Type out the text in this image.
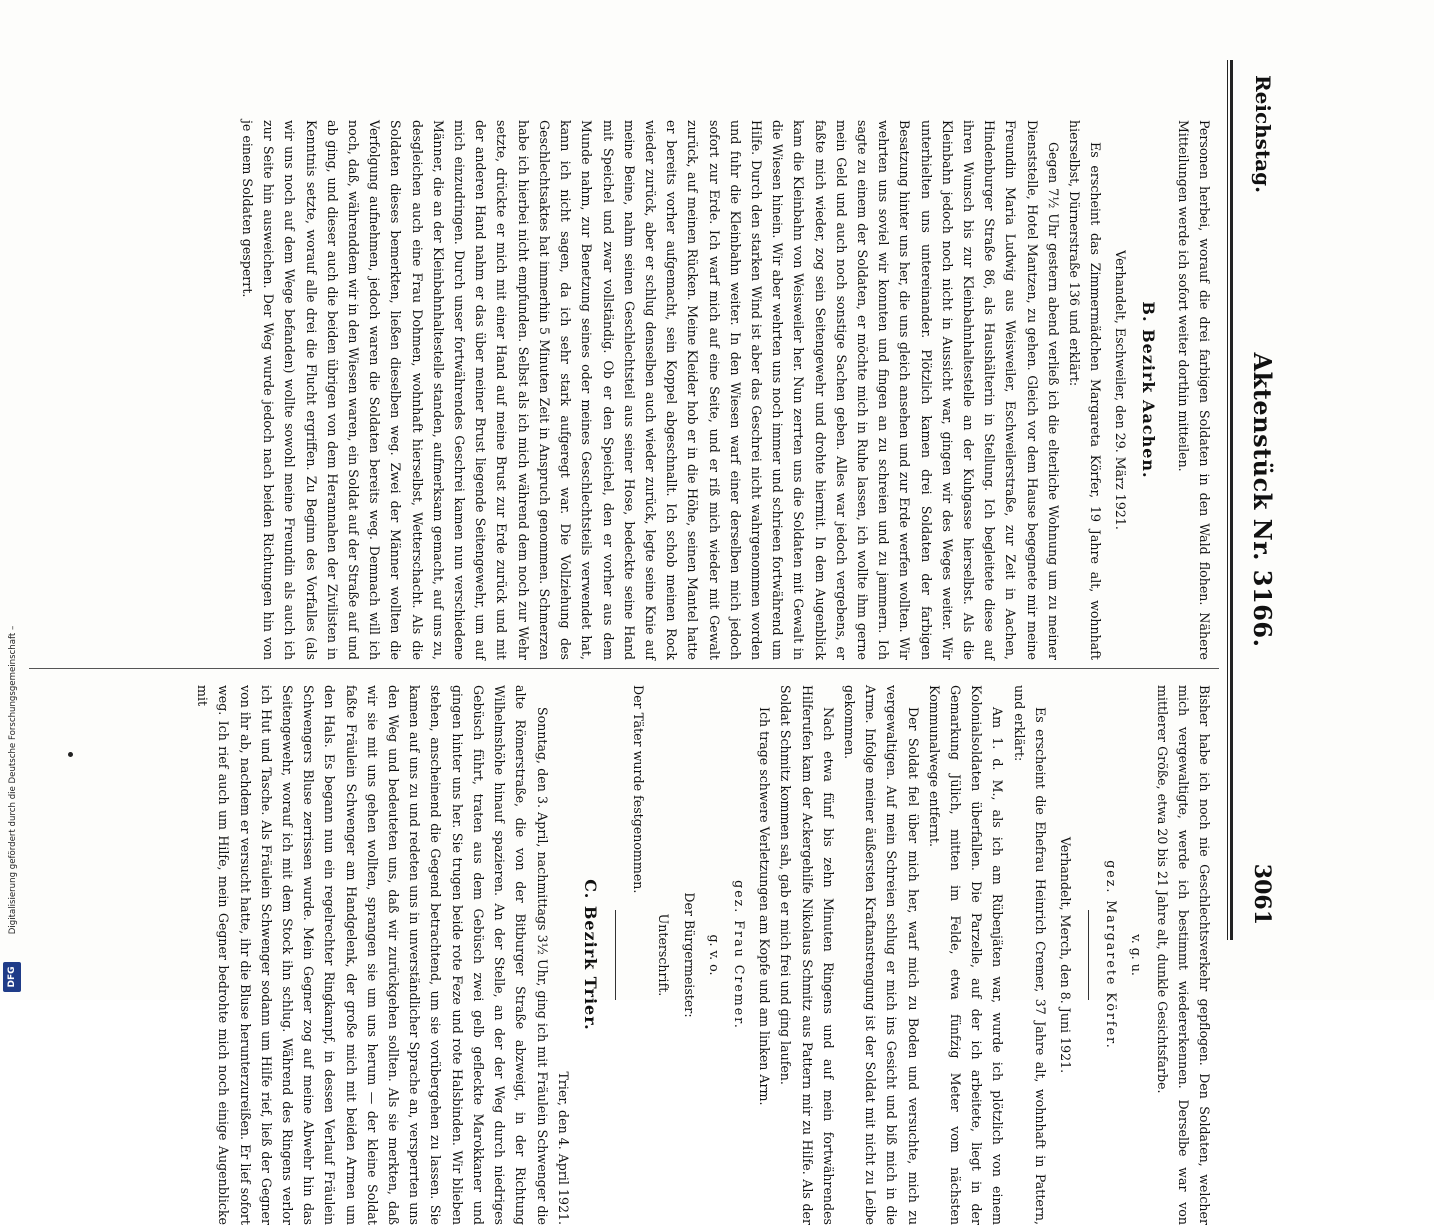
Reichstag.
Aktenstück Nr. 3166.
3061

Personen herbei, worauf die drei farbigen Soldaten in den Wald flohen. Nähere Mitteilungen werde ich sofort weiter dorthin mitteilen.

B. Bezirk Aachen.

Verhandelt, Eschweiler, den 29. März 1921.

Es erscheint das Zimmermädchen Margareta Körfer, 19 Jahre alt, wohnhaft hierselbst, Dürnerstraße 136 und erklärt:

Gegen 7½ Uhr gestern abend verließ ich die elterliche Wohnung um zu meiner Dienststelle, Hotel Mantzen, zu gehen. Gleich vor dem Hause begegnete mir meine Freundin Maria Ludwig aus Weisweiler, Eschweilerstraße, zur Zeit in Aachen, Hindenburger Straße 86, als Haushälterin in Stellung. Ich begleitete diese auf ihren Wunsch bis zur Kleinbahnhaltestelle an der Kuhgasse hierselbst. Als die Kleinbahn jedoch noch nicht in Aussicht war, gingen wir des Weges weiter. Wir unterhielten uns untereinander. Plötzlich kamen drei Soldaten der farbigen Besatzung hinter uns her, die uns gleich ansehen und zur Erde werfen wollten. Wir wehrten uns soviel wir konnten und fingen an zu schreien und zu jammern. Ich sagte zu einem der Soldaten, er möchte mich in Ruhe lassen, ich wollte ihm gerne mein Geld und auch noch sonstige Sachen geben. Alles war jedoch vergebens, er faßte mich wieder, zog sein Seitengewehr und drohte hiermit. In dem Augenblick kam die Kleinbahn von Weisweiler her. Nun zerrten uns die Soldaten mit Gewalt in die Wiesen hinein. Wir aber wehrten uns noch immer und schrieen fortwährend um Hilfe. Durch den starken Wind ist aber das Geschrei nicht wahrgenommen worden und fuhr die Kleinbahn weiter. In den Wiesen warf einer derselben mich jedoch sofort zur Erde. Ich warf mich auf eine Seite, und er riß mich wieder mit Gewalt zurück, auf meinen Rücken. Meine Kleider hob er in die Höhe, seinen Mantel hatte er bereits vorher aufgemacht, sein Koppel abgeschnallt. Ich schob meinen Rock wieder zurück, aber er schlug denselben auch wieder zurück, legte seine Knie auf meine Beine, nahm seinen Geschlechtsteil aus seiner Hose, bedeckte seine Hand mit Speichel und zwar vollständig. Ob er den Speichel, den er vorher aus dem Munde nahm, zur Benetzung seines oder meines Geschlechtsteils verwendet hat, kann ich nicht sagen, da ich sehr stark aufgeregt war. Die Vollziehung des Geschlechtsaktes hat immerhin 5 Minuten Zeit in Anspruch genommen. Schmerzen habe ich hierbei nicht empfunden. Selbst als ich mich während dem noch zur Wehr setzte, drückte er mich mit einer Hand auf meine Brust zur Erde zurück und mit der anderen Hand nahm er das über meiner Brust liegende Seitengewehr, um auf mich einzudringen. Durch unser fortwährendes Geschrei kamen nun verschiedene Männer, die an der Kleinbahnhaltestelle standen, aufmerksam gemacht, auf uns zu, desgleichen auch eine Frau Dohmen, wohnhaft hierselbst, Wetterschacht. Als die Soldaten dieses bemerkten, ließen dieselben weg. Zwei der Männer wollten die Verfolgung aufnehmen, jedoch waren die Soldaten bereits weg. Demnach will ich noch, daß, währenddem wir in den Wiesen waren, ein Soldat auf der Straße auf und ab ging, und dieser auch die beiden übrigen von dem Herannahen der Zivilisten in Kenntnis setzte, worauf alle drei die Flucht ergriffen. Zu Beginn des Vorfalles (als wir uns noch auf dem Wege befanden) wollte sowohl meine Freundin als auch ich zur Seite hin ausweichen. Der Weg wurde jedoch nach beiden Richtungen hin von je einem Soldaten gesperrt.

Bisher habe ich noch nie Geschlechtsverkehr gepflogen. Den Soldaten, welcher mich vergewaltigte, werde ich bestimmt wiedererkennen. Derselbe war von mittlerer Größe, etwa 20 bis 21 Jahre alt, dunkle Gesichtsfarbe.

v. g. u.

gez. Margarete Körfer.

Verhandelt, Merch, den 8. Juni 1921.

Es erscheint die Ehefrau Heinrich Cremer, 37 Jahre alt, wohnhaft in Pattern, und erklärt:

Am 1. d. M., als ich am Rübenjäten war, wurde ich plötzlich von einem Kolonialsoldaten überfallen. Die Parzelle, auf der ich arbeitete, liegt in der Gemarkung Jülich, mitten im Felde, etwa fünfzig Meter vom nächsten Kommunalwege entfernt.

Der Soldat fiel über mich her, warf mich zu Boden und versuchte, mich zu vergewaltigen. Auf mein Schreien schlug er mich ins Gesicht und biß mich in die Arme. Infolge meiner äußersten Kraftanstrengung ist der Soldat mit nicht zu Leibe gekommen.

Nach etwa fünf bis zehn Minuten Ringens und auf mein fortwährendes Hilferufen kam der Ackergehilfe Nikolaus Schmitz aus Pattern mir zu Hilfe. Als der Soldat Schmitz kommen sah, gab er mich frei und ging laufen.

Ich trage schwere Verletzungen am Kopfe und am linken Arm.

gez. Frau Cremer.

g. v. o.

Der Bürgermeister:

Unterschrift.

Der Täter wurde festgenommen.

C. Bezirk Trier.

Trier, den 4. April 1921.

Sonntag, den 3. April, nachmittags 3½ Uhr, ging ich mit Fräulein Schwenger die alte Römerstraße, die von der Bitburger Straße abzweigt, in der Richtung Wilhelmshöhe hinauf spazieren. An der Stelle, an der der Weg durch niedriges Gebüsch führt, traten aus dem Gebüsch zwei gelb gefleckte Marokkaner und gingen hinter uns her. Sie trugen beide rote Feze und rote Halsbinden. Wir blieben stehen, anscheinend die Gegend betrachtend, um sie vorübergehen zu lassen. Sie kamen auf uns zu und redeten uns in unverständlicher Sprache an, versperrten uns den Weg und bedeuteten uns, daß wir zurückgehen sollten. Als sie merkten, daß wir sie mit uns gehen wollten, sprangen sie um uns herum — der kleine Soldat faßte Fräulein Schwenger am Handgelenk, der große mich mit beiden Armen um den Hals. Es begann nun ein regelrechter Ringkampf, in dessen Verlauf Fräulein Schwengers Bluse zerrissen wurde. Mein Gegner zog auf meine Abwehr hin das Seitengewehr, worauf ich mit dem Stock ihn schlug. Während des Ringens verlor ich Hut und Tasche. Als Fräulein Schwenger sodann um Hilfe rief, ließ der Gegner von ihr ab, nachdem er versucht hatte, ihr die Bluse herunterzureißen. Er lief sofort weg. Ich rief auch um Hilfe, mein Gegner bedrohte mich noch einige Augenblicke mit

Digitalisierung gefördert durch die Deutsche Forschungsgemeinschaft –
DFG
